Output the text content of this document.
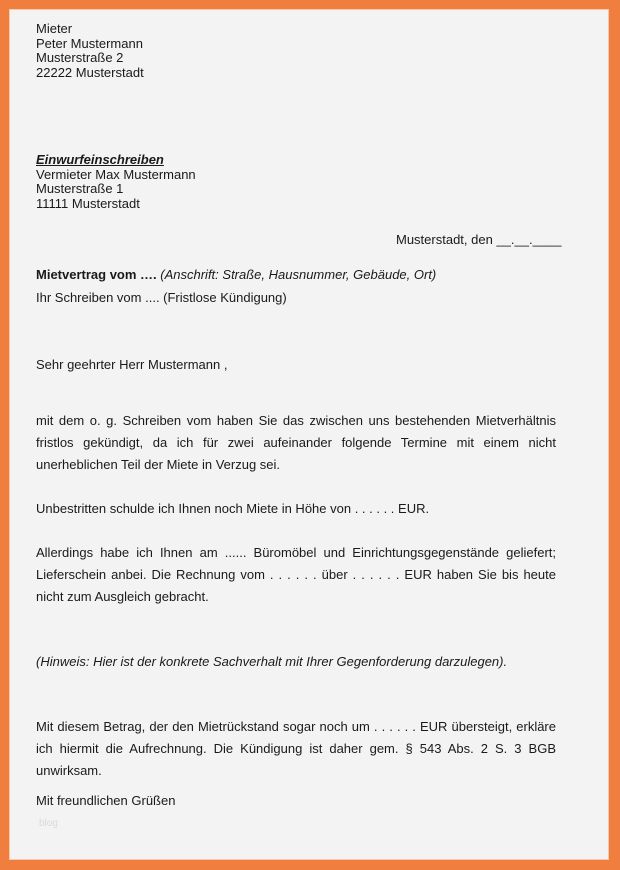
Mieter
Peter Mustermann
Musterstraße 2
22222 Musterstadt
Einwurfeinschreiben
Vermieter Max Mustermann
Musterstraße 1
11111 Musterstadt
Musterstadt, den __.__.____
Mietvertrag vom …. (Anschrift: Straße, Hausnummer, Gebäude, Ort)
Ihr Schreiben vom .... (Fristlose Kündigung)
Sehr geehrter Herr Mustermann ,
mit dem o. g. Schreiben vom haben Sie das zwischen uns bestehenden Mietverhältnis fristlos gekündigt, da ich für zwei aufeinander folgende Termine mit einem nicht unerheblichen Teil der Miete in Verzug sei.
Unbestritten schulde ich Ihnen noch Miete in Höhe von . . . . . . EUR.
Allerdings habe ich Ihnen am ...... Büromöbel und Einrichtungsgegenstände geliefert; Lieferschein anbei. Die Rechnung vom . . . . . . über . . . . . . EUR haben Sie bis heute nicht zum Ausgleich gebracht.
(Hinweis: Hier ist der konkrete Sachverhalt mit Ihrer Gegenforderung darzulegen).
Mit diesem Betrag, der den Mietrückstand sogar noch um . . . . . . EUR übersteigt, erkläre ich hiermit die Aufrechnung. Die Kündigung ist daher gem. § 543 Abs. 2 S. 3 BGB unwirksam.
Mit freundlichen Grüßen
blog
